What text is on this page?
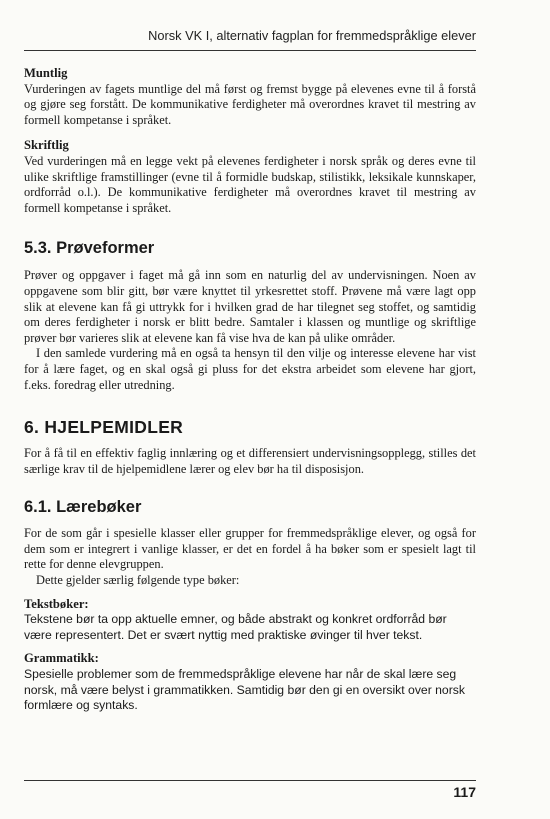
Norsk VK I, alternativ fagplan for fremmedspråklige elever
Muntlig

Vurderingen av fagets muntlige del må først og fremst bygge på elevenes evne til å forstå og gjøre seg forstått. De kommunikative ferdigheter må overordnes kravet til mestring av formell kompetanse i språket.

Skriftlig

Ved vurderingen må en legge vekt på elevenes ferdigheter i norsk språk og deres evne til ulike skriftlige framstillinger (evne til å formidle budskap, stilistikk, leksikale kunnskaper, ordforråd o.l.). De kommunikative ferdigheter må overordnes kravet til mestring av formell kompetanse i språket.

5.3. Prøveformer

Prøver og oppgaver i faget må gå inn som en naturlig del av undervisningen. Noen av oppgavene som blir gitt, bør være knyttet til yrkesrettet stoff. Prøvene må være lagt opp slik at elevene kan få gi uttrykk for i hvilken grad de har tilegnet seg stoffet, og samtidig om deres ferdigheter i norsk er blitt bedre. Samtaler i klassen og muntlige og skriftlige prøver bør varieres slik at elevene kan få vise hva de kan på ulike områder.

I den samlede vurdering må en også ta hensyn til den vilje og interesse elevene har vist for å lære faget, og en skal også gi pluss for det ekstra arbeidet som elevene har gjort, f.eks. foredrag eller utredning.

6. HJELPEMIDLER

For å få til en effektiv faglig innlæring og et differensiert undervisningsopplegg, stilles det særlige krav til de hjelpemidlene lærer og elev bør ha til disposisjon.

6.1. Lærebøker

For de som går i spesielle klasser eller grupper for fremmedspråklige elever, og også for dem som er integrert i vanlige klasser, er det en fordel å ha bøker som er spesielt lagt til rette for denne elevgruppen.

Dette gjelder særlig følgende type bøker:

Tekstbøker:

Tekstene bør ta opp aktuelle emner, og både abstrakt og konkret ordforråd bør være representert. Det er svært nyttig med praktiske øvinger til hver tekst.

Grammatikk:

Spesielle problemer som de fremmedspråklige elevene har når de skal lære seg norsk, må være belyst i grammatikken. Samtidig bør den gi en oversikt over norsk formlære og syntaks.

117
